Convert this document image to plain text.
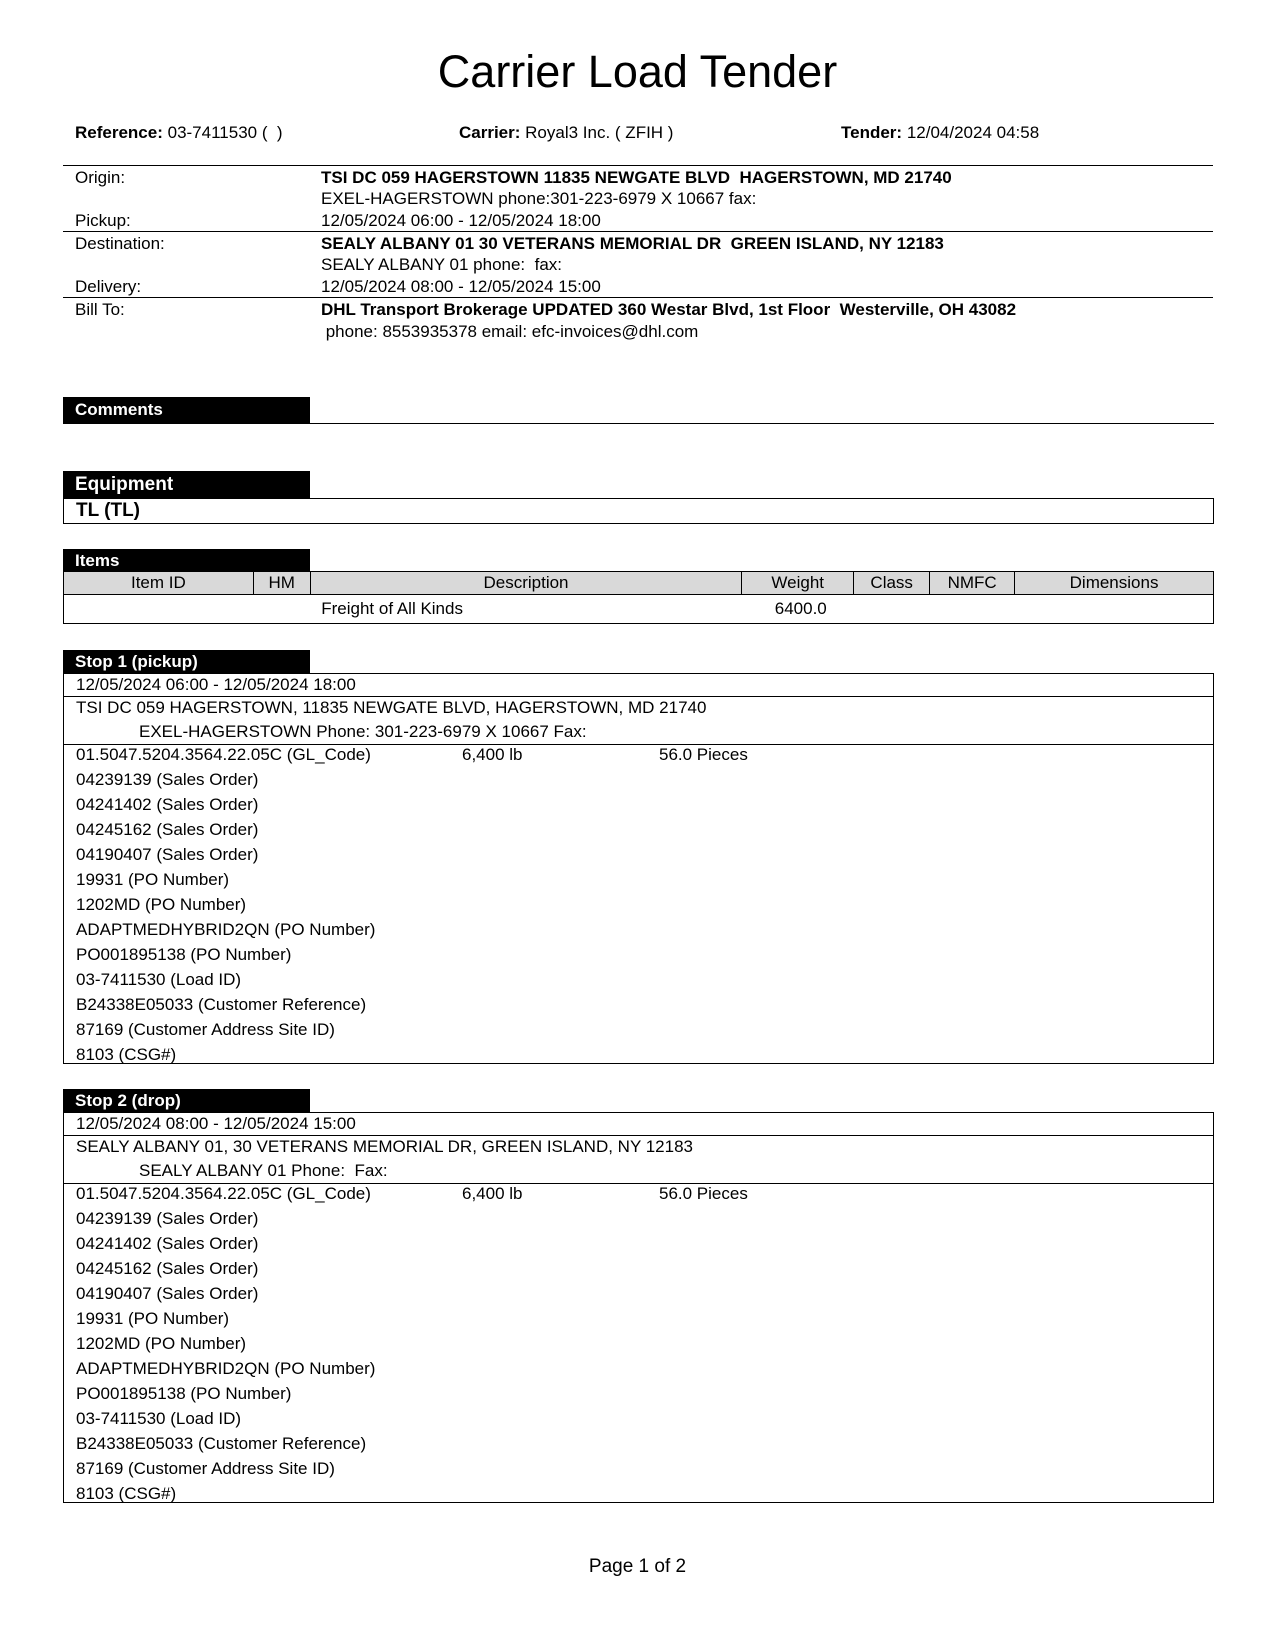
Carrier Load Tender
Reference: 03-7411530 (  )	Carrier: Royal3 Inc. ( ZFIH )	Tender: 12/04/2024 04:58
Origin:	TSI DC 059 HAGERSTOWN 11835 NEWGATE BLVD  HAGERSTOWN, MD 21740
EXEL-HAGERSTOWN phone:301-223-6979 X 10667 fax:
Pickup:	12/05/2024 06:00 - 12/05/2024 18:00
Destination:	SEALY ALBANY 01 30 VETERANS MEMORIAL DR  GREEN ISLAND, NY 12183
SEALY ALBANY 01 phone:  fax:
Delivery:	12/05/2024 08:00 - 12/05/2024 15:00
Bill To:	DHL Transport Brokerage UPDATED 360 Westar Blvd, 1st Floor  Westerville, OH 43082
phone: 8553935378 email: efc-invoices@dhl.com
Comments
Equipment
TL (TL)
Items
Item ID	HM	Description	Weight	Class	NMFC	Dimensions
		Freight of All Kinds	6400.0			
Stop 1 (pickup)
12/05/2024 06:00 - 12/05/2024 18:00
TSI DC 059 HAGERSTOWN, 11835 NEWGATE BLVD, HAGERSTOWN, MD 21740
EXEL-HAGERSTOWN Phone: 301-223-6979 X 10667 Fax:
01.5047.5204.3564.22.05C (GL_Code)	6,400 lb	56.0 Pieces
04239139 (Sales Order)
04241402 (Sales Order)
04245162 (Sales Order)
04190407 (Sales Order)
19931 (PO Number)
1202MD (PO Number)
ADAPTMEDHYBRID2QN (PO Number)
PO001895138 (PO Number)
03-7411530 (Load ID)
B24338E05033 (Customer Reference)
87169 (Customer Address Site ID)
8103 (CSG#)
Stop 2 (drop)
12/05/2024 08:00 - 12/05/2024 15:00
SEALY ALBANY 01, 30 VETERANS MEMORIAL DR, GREEN ISLAND, NY 12183
SEALY ALBANY 01 Phone:  Fax:
01.5047.5204.3564.22.05C (GL_Code)	6,400 lb	56.0 Pieces
04239139 (Sales Order)
04241402 (Sales Order)
04245162 (Sales Order)
04190407 (Sales Order)
19931 (PO Number)
1202MD (PO Number)
ADAPTMEDHYBRID2QN (PO Number)
PO001895138 (PO Number)
03-7411530 (Load ID)
B24338E05033 (Customer Reference)
87169 (Customer Address Site ID)
8103 (CSG#)
Page 1 of 2
